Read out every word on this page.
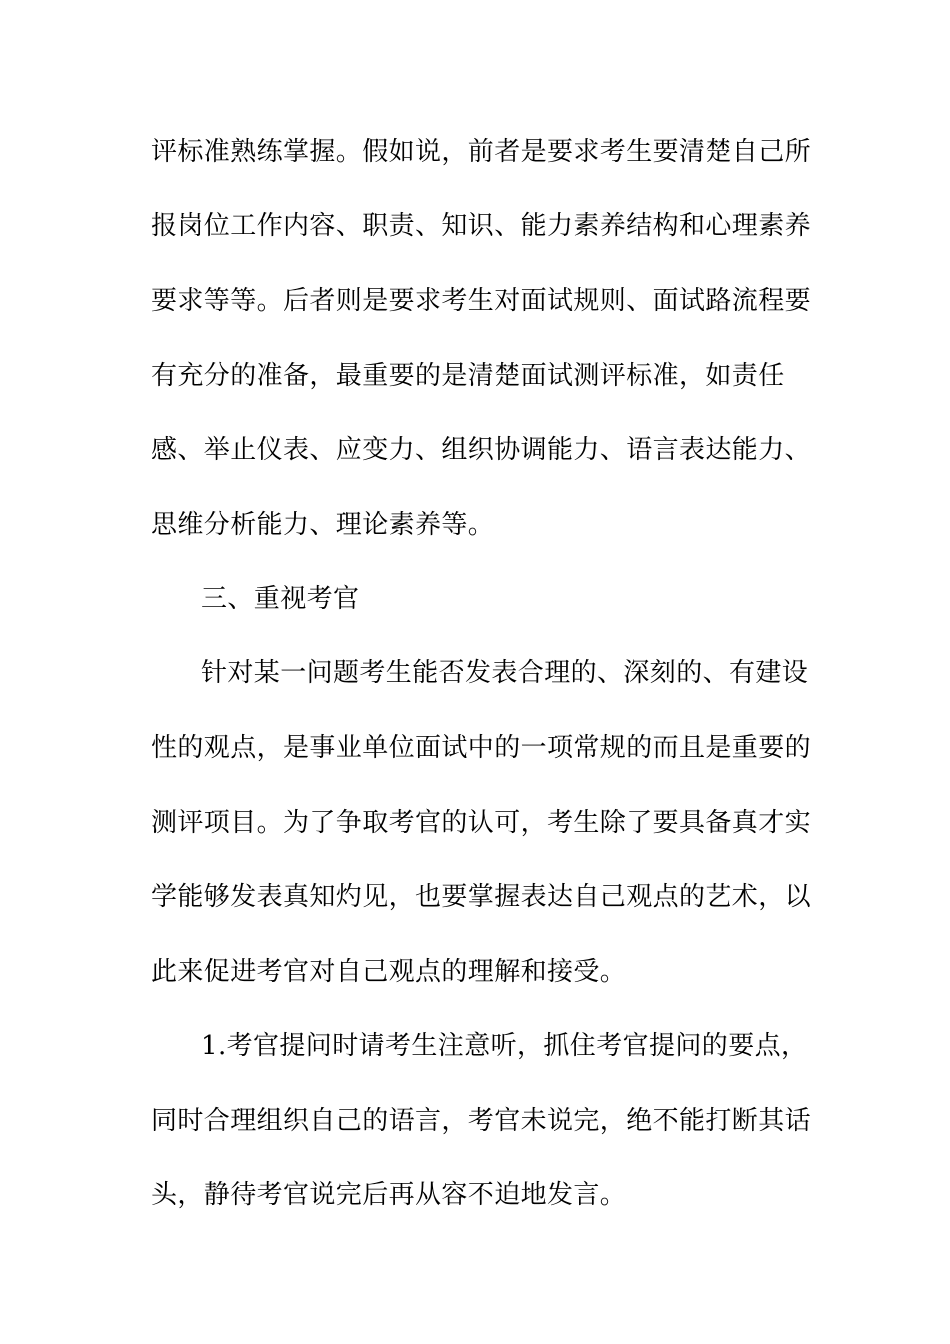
评标准熟练掌握。假如说，前者是要求考生要清楚自己所
报岗位工作内容、职责、知识、能力素养结构和心理素养
要求等等。后者则是要求考生对面试规则、面试路流程要
有充分的准备，最重要的是清楚面试测评标准，如责任
感、举止仪表、应变力、组织协调能力、语言表达能力、
思维分析能力、理论素养等。
三、重视考官
针对某一问题考生能否发表合理的、深刻的、有建设
性的观点，是事业单位面试中的一项常规的而且是重要的
测评项目。为了争取考官的认可，考生除了要具备真才实
学能够发表真知灼见，也要掌握表达自己观点的艺术，以
此来促进考官对自己观点的理解和接受。
1.考官提问时请考生注意听，抓住考官提问的要点，
同时合理组织自己的语言，考官未说完，绝不能打断其话
头，静待考官说完后再从容不迫地发言。
